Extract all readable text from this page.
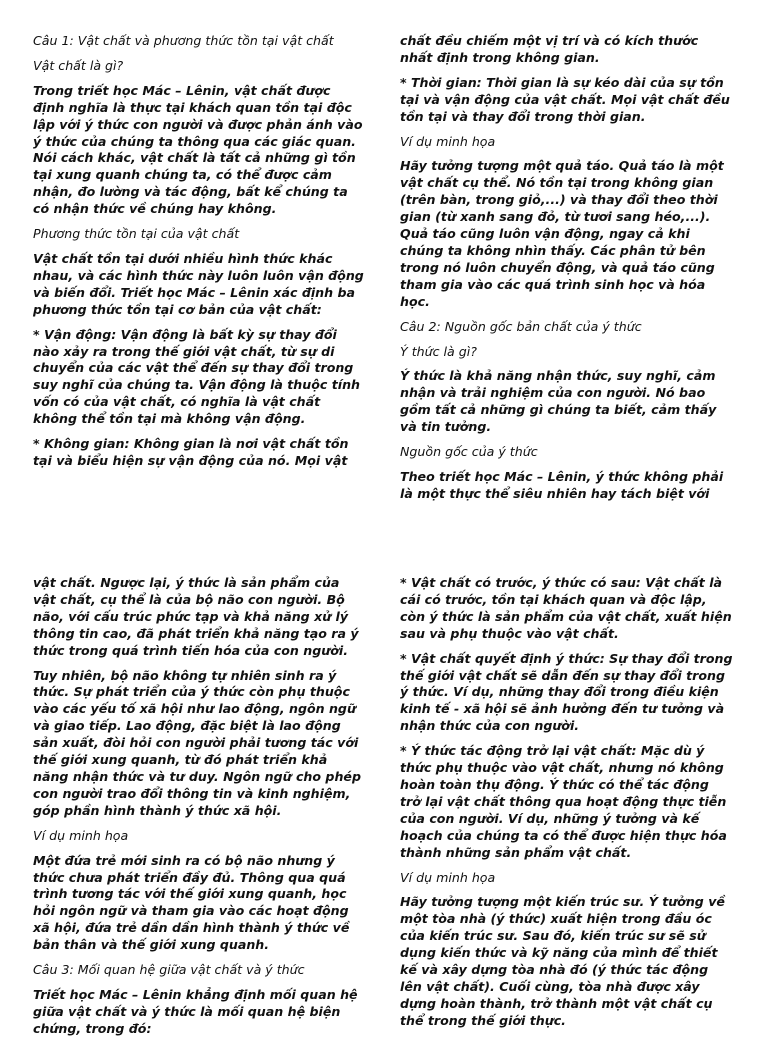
Câu 1: Vật chất và phương thức tồn tại vật chất

Vật chất là gì?

Trong triết học Mác – Lênin, vật chất được định nghĩa là thực tại khách quan tồn tại độc lập với ý thức con người và được phản ánh vào ý thức của chúng ta thông qua các giác quan. Nói cách khác, vật chất là tất cả những gì tồn tại xung quanh chúng ta, có thể được cảm nhận, đo lường và tác động, bất kể chúng ta có nhận thức về chúng hay không.

Phương thức tồn tại của vật chất

Vật chất tồn tại dưới nhiều hình thức khác nhau, và các hình thức này luôn luôn vận động và biến đổi. Triết học Mác – Lênin xác định ba phương thức tồn tại cơ bản của vật chất:

* Vận động: Vận động là bất kỳ sự thay đổi nào xảy ra trong thế giới vật chất, từ sự di chuyển của các vật thể đến sự thay đổi trong suy nghĩ của chúng ta. Vận động là thuộc tính vốn có của vật chất, có nghĩa là vật chất không thể tồn tại mà không vận động.

* Không gian: Không gian là nơi vật chất tồn tại và biểu hiện sự vận động của nó. Mọi vật

chất đều chiếm một vị trí và có kích thước nhất định trong không gian.

* Thời gian: Thời gian là sự kéo dài của sự tồn tại và vận động của vật chất. Mọi vật chất đều tồn tại và thay đổi trong thời gian.

Ví dụ minh họa

Hãy tưởng tượng một quả táo. Quả táo là một vật chất cụ thể. Nó tồn tại trong không gian (trên bàn, trong giỏ,...) và thay đổi theo thời gian (từ xanh sang đỏ, từ tươi sang héo,...). Quả táo cũng luôn vận động, ngay cả khi chúng ta không nhìn thấy. Các phân tử bên trong nó luôn chuyển động, và quả táo cũng tham gia vào các quá trình sinh học và hóa học.

Câu 2: Nguồn gốc bản chất của ý thức

Ý thức là gì?

Ý thức là khả năng nhận thức, suy nghĩ, cảm nhận và trải nghiệm của con người. Nó bao gồm tất cả những gì chúng ta biết, cảm thấy và tin tưởng.

Nguồn gốc của ý thức

Theo triết học Mác – Lênin, ý thức không phải là một thực thể siêu nhiên hay tách biệt với

vật chất. Ngược lại, ý thức là sản phẩm của vật chất, cụ thể là của bộ não con người. Bộ não, với cấu trúc phức tạp và khả năng xử lý thông tin cao, đã phát triển khả năng tạo ra ý thức trong quá trình tiến hóa của con người.

Tuy nhiên, bộ não không tự nhiên sinh ra ý thức. Sự phát triển của ý thức còn phụ thuộc vào các yếu tố xã hội như lao động, ngôn ngữ và giao tiếp. Lao động, đặc biệt là lao động sản xuất, đòi hỏi con người phải tương tác với thế giới xung quanh, từ đó phát triển khả năng nhận thức và tư duy. Ngôn ngữ cho phép con người trao đổi thông tin và kinh nghiệm, góp phần hình thành ý thức xã hội.

Ví dụ minh họa

Một đứa trẻ mới sinh ra có bộ não nhưng ý thức chưa phát triển đầy đủ. Thông qua quá trình tương tác với thế giới xung quanh, học hỏi ngôn ngữ và tham gia vào các hoạt động xã hội, đứa trẻ dần dần hình thành ý thức về bản thân và thế giới xung quanh.

Câu 3: Mối quan hệ giữa vật chất và ý thức

Triết học Mác – Lênin khẳng định mối quan hệ giữa vật chất và ý thức là mối quan hệ biện chứng, trong đó:

* Vật chất có trước, ý thức có sau: Vật chất là cái có trước, tồn tại khách quan và độc lập, còn ý thức là sản phẩm của vật chất, xuất hiện sau và phụ thuộc vào vật chất.

* Vật chất quyết định ý thức: Sự thay đổi trong thế giới vật chất sẽ dẫn đến sự thay đổi trong ý thức. Ví dụ, những thay đổi trong điều kiện kinh tế - xã hội sẽ ảnh hưởng đến tư tưởng và nhận thức của con người.

* Ý thức tác động trở lại vật chất: Mặc dù ý thức phụ thuộc vào vật chất, nhưng nó không hoàn toàn thụ động. Ý thức có thể tác động trở lại vật chất thông qua hoạt động thực tiễn của con người. Ví dụ, những ý tưởng và kế hoạch của chúng ta có thể được hiện thực hóa thành những sản phẩm vật chất.

Ví dụ minh họa

Hãy tưởng tượng một kiến trúc sư. Ý tưởng về một tòa nhà (ý thức) xuất hiện trong đầu óc của kiến trúc sư. Sau đó, kiến trúc sư sẽ sử dụng kiến thức và kỹ năng của mình để thiết kế và xây dựng tòa nhà đó (ý thức tác động lên vật chất). Cuối cùng, tòa nhà được xây dựng hoàn thành, trở thành một vật chất cụ thể trong thế giới thực.
